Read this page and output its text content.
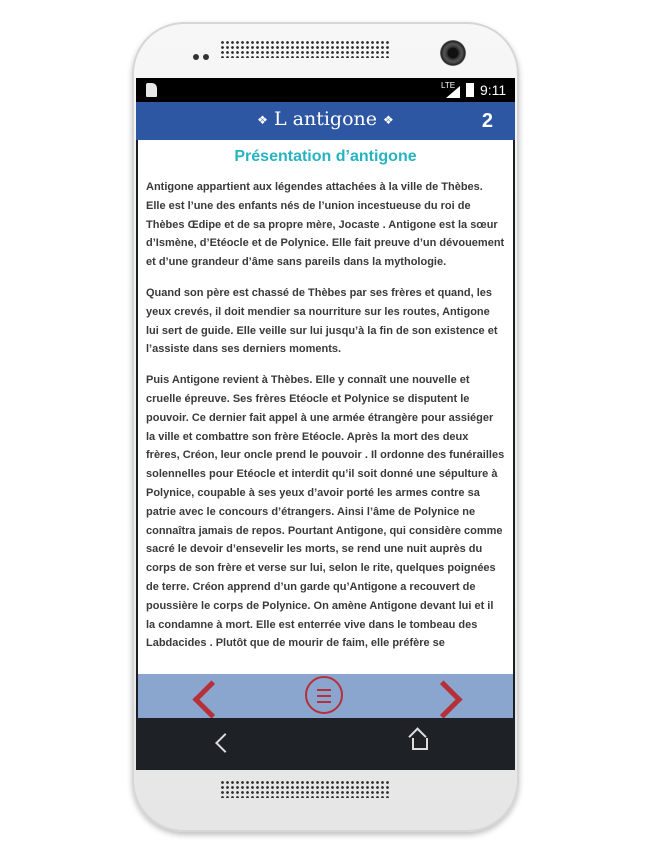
LTE 9:11
❖ L antigone ❖	2
Présentation d’antigone

Antigone appartient aux légendes attachées à la ville de Thèbes. Elle est l’une des enfants nés de l’union incestueuse du roi de Thèbes Œdipe et de sa propre mère, Jocaste . Antigone est la sœur d’Ismène, d’Etéocle et de Polynice. Elle fait preuve d’un dévouement et d’une grandeur d’âme sans pareils dans la mythologie.

Quand son père est chassé de Thèbes par ses frères et quand, les yeux crevés, il doit mendier sa nourriture sur les routes, Antigone lui sert de guide. Elle veille sur lui jusqu’à la fin de son existence et l’assiste dans ses derniers moments.

Puis Antigone revient à Thèbes. Elle y connaît une nouvelle et cruelle épreuve. Ses frères Etéocle et Polynice se disputent le pouvoir. Ce dernier fait appel à une armée étrangère pour assiéger la ville et combattre son frère Etéocle. Après la mort des deux frères, Créon, leur oncle prend le pouvoir . Il ordonne des funérailles solennelles pour Etéocle et interdit qu’il soit donné une sépulture à Polynice, coupable à ses yeux d’avoir porté les armes contre sa patrie avec le concours d’étrangers. Ainsi l’âme de Polynice ne connaîtra jamais de repos. Pourtant Antigone, qui considère comme sacré le devoir d’ensevelir les morts, se rend une nuit auprès du corps de son frère et verse sur lui, selon le rite, quelques poignées de terre. Créon apprend d’un garde qu’Antigone a recouvert de poussière le corps de Polynice. On amène Antigone devant lui et il la condamne à mort. Elle est enterrée vive dans le tombeau des Labdacides . Plutôt que de mourir de faim, elle préfère se
